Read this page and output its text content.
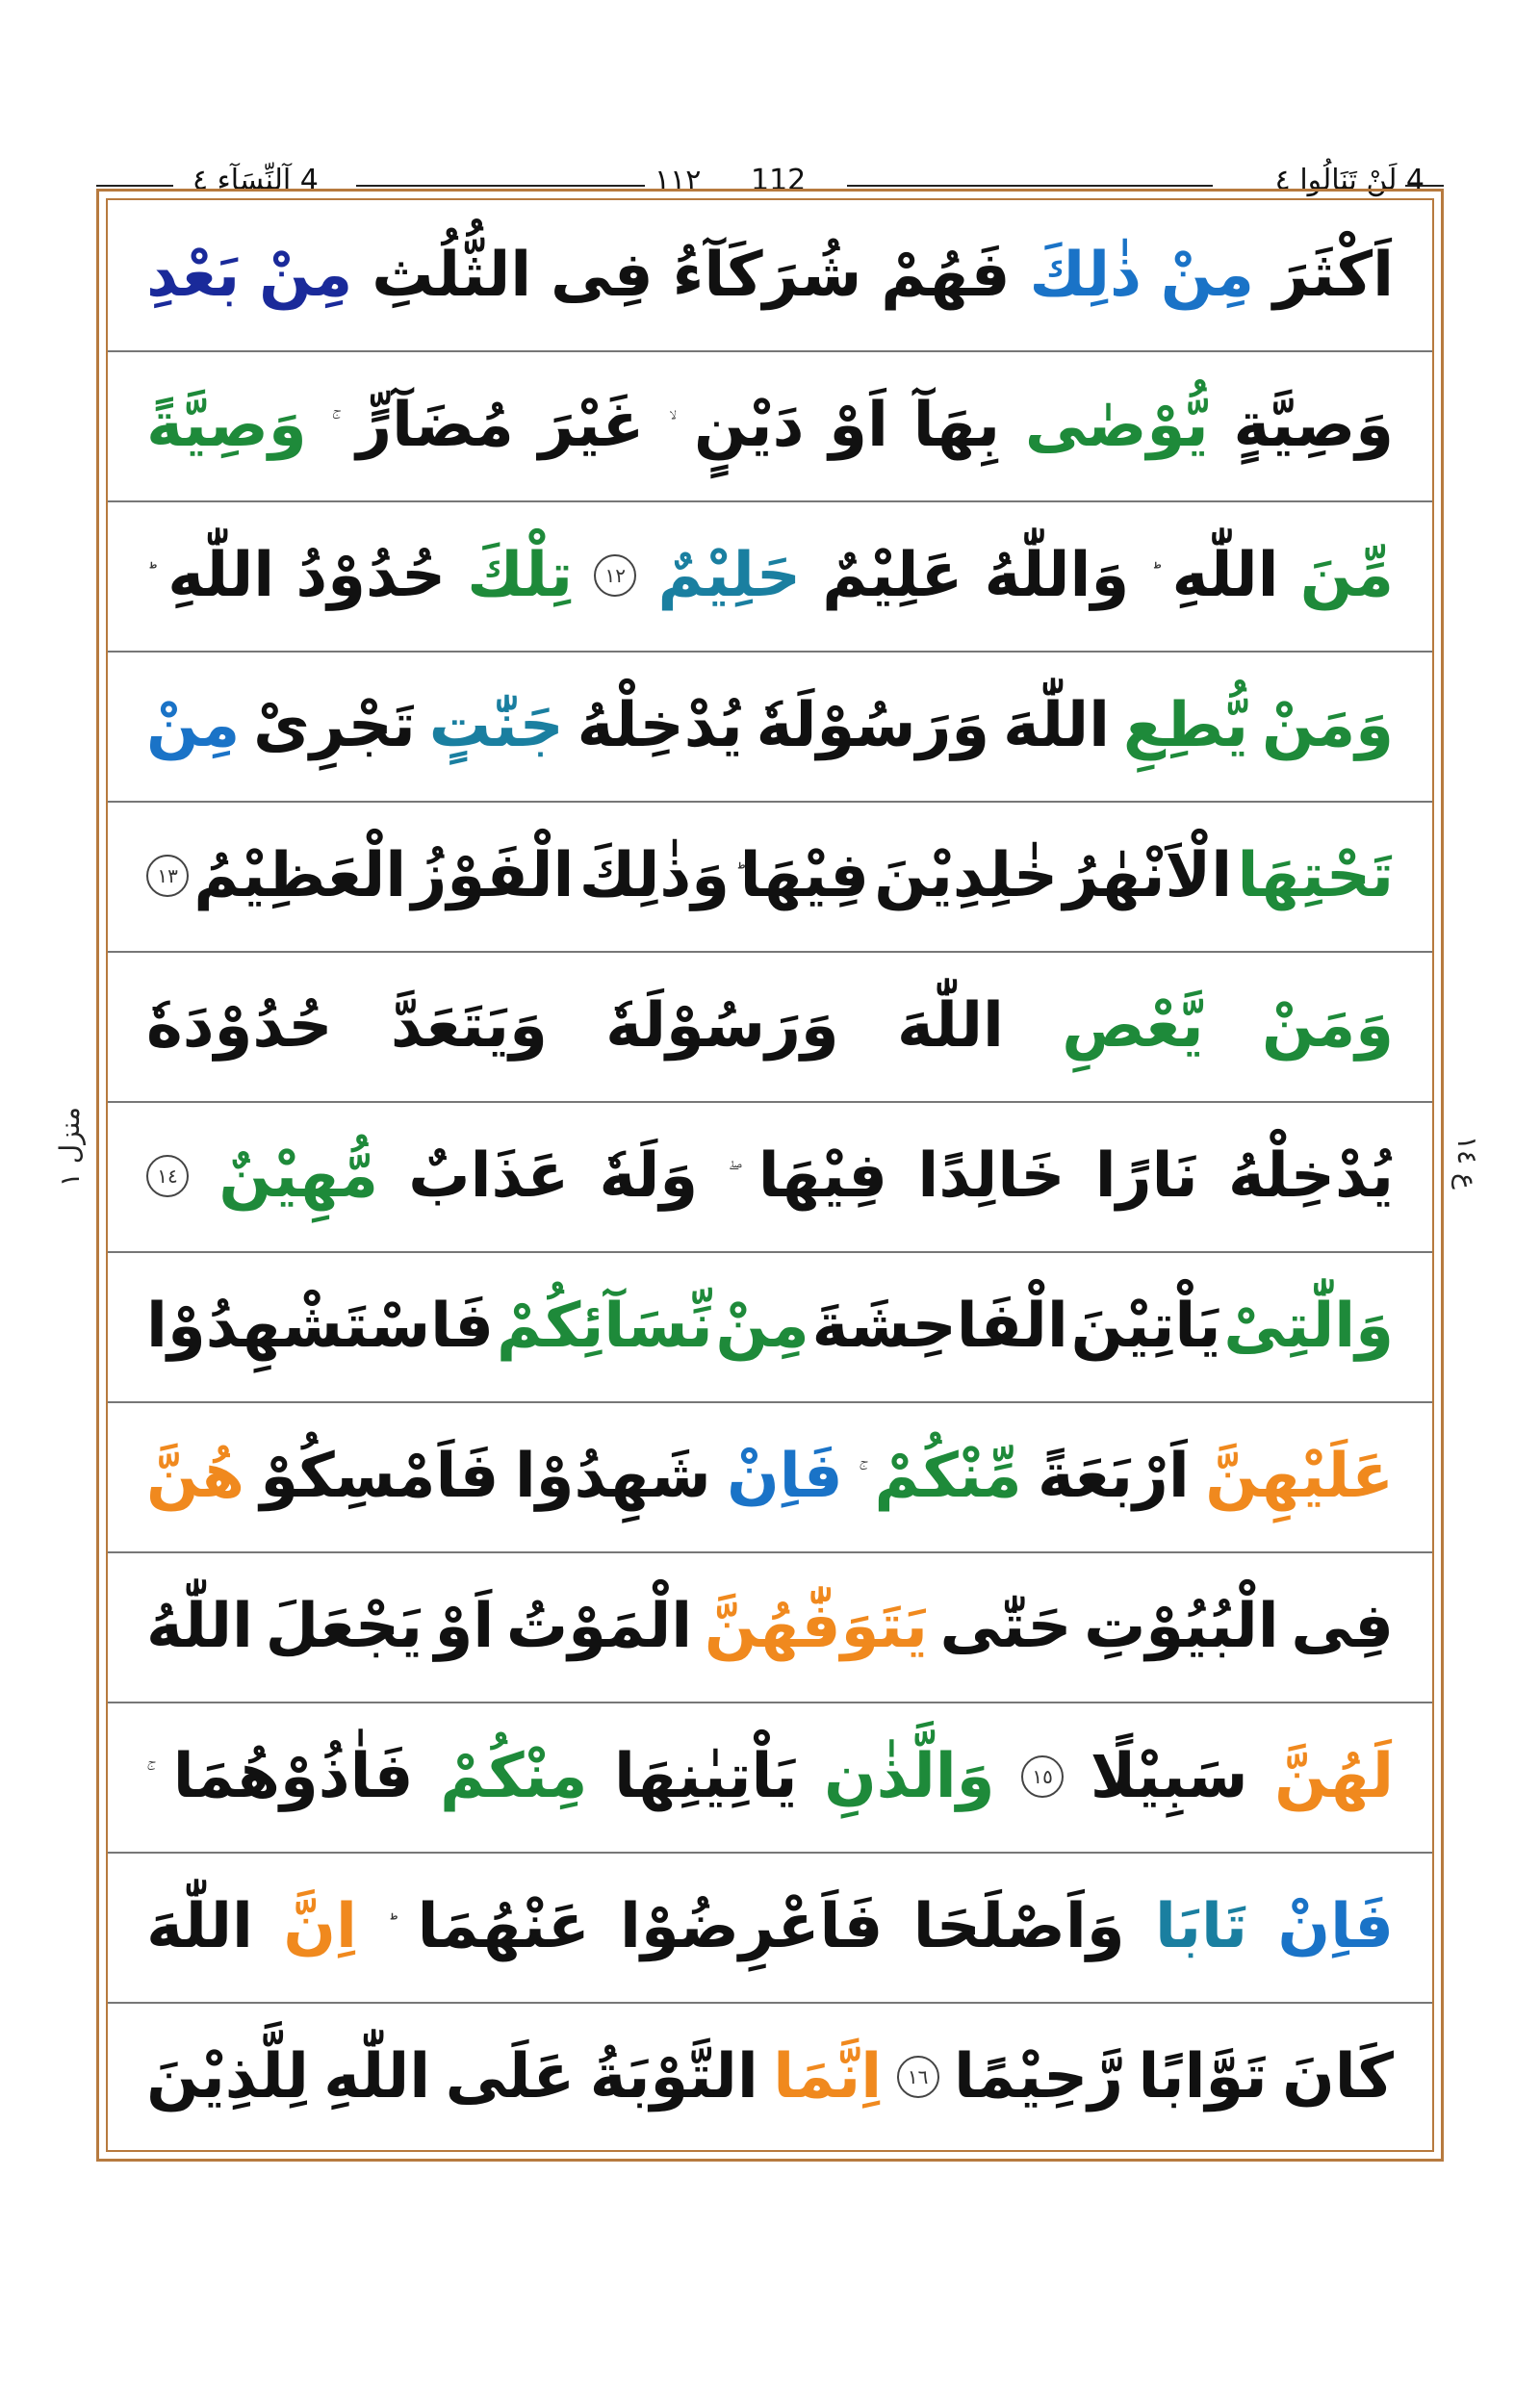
4 آلنِّسَآء ٤	١١٢ 112	4 لَنْ تَنَالُوا ٤
منزل ١	ع ١٤
اَكْثَرَ
مِنْ
ذٰلِكَ
فَهُمْ
شُرَكَآءُ
فِى
الثُّلُثِ
مِنْ
بَعْدِ
وَصِيَّةٍ
يُّوْصٰى
بِهَآ
اَوْ
دَيْنٍ
غَيْرَ
مُضَآرٍّ
وَصِيَّةً
مِّنَ
اللّٰهِ
وَاللّٰهُ
عَلِيْمٌ
حَلِيْمٌ
١٢
تِلْكَ
حُدُوْدُ
اللّٰهِ
وَمَنْ
يُّطِعِ
اللّٰهَ
وَرَسُوْلَهٗ
يُدْخِلْهُ
جَنّٰتٍ
تَجْرِىْ
مِنْ
تَحْتِهَا
الْاَنْهٰرُ
خٰلِدِيْنَ
فِيْهَا
وَذٰلِكَ
الْفَوْزُ
الْعَظِيْمُ
١٣
وَمَنْ
يَّعْصِ
اللّٰهَ
وَرَسُوْلَهٗ
وَيَتَعَدَّ
حُدُوْدَهٗ
يُدْخِلْهُ
نَارًا
خَالِدًا
فِيْهَا
وَلَهٗ
عَذَابٌ
مُّهِيْنٌ
١٤
وَالّٰتِىْ
يَاْتِيْنَ
الْفَاحِشَةَ
مِنْ
نِّسَآئِكُمْ
فَاسْتَشْهِدُوْا
عَلَيْهِنَّ
اَرْبَعَةً
مِّنْكُمْ
فَاِنْ
شَهِدُوْا
فَاَمْسِكُوْ
هُنَّ
فِى
الْبُيُوْتِ
حَتّٰى
يَتَوَفّٰهُنَّ
الْمَوْتُ
اَوْ
يَجْعَلَ
اللّٰهُ
لَهُنَّ
سَبِيْلًا
١٥
وَالَّذٰنِ
يَاْتِيٰنِهَا
مِنْكُمْ
فَاٰذُوْهُمَا
فَاِنْ
تَابَا
وَاَصْلَحَا
فَاَعْرِضُوْا
عَنْهُمَا
اِنَّ
اللّٰهَ
كَانَ
تَوَّابًا
رَّحِيْمًا
١٦
اِنَّمَا
التَّوْبَةُ
عَلَى
اللّٰهِ
لِلَّذِيْنَ
